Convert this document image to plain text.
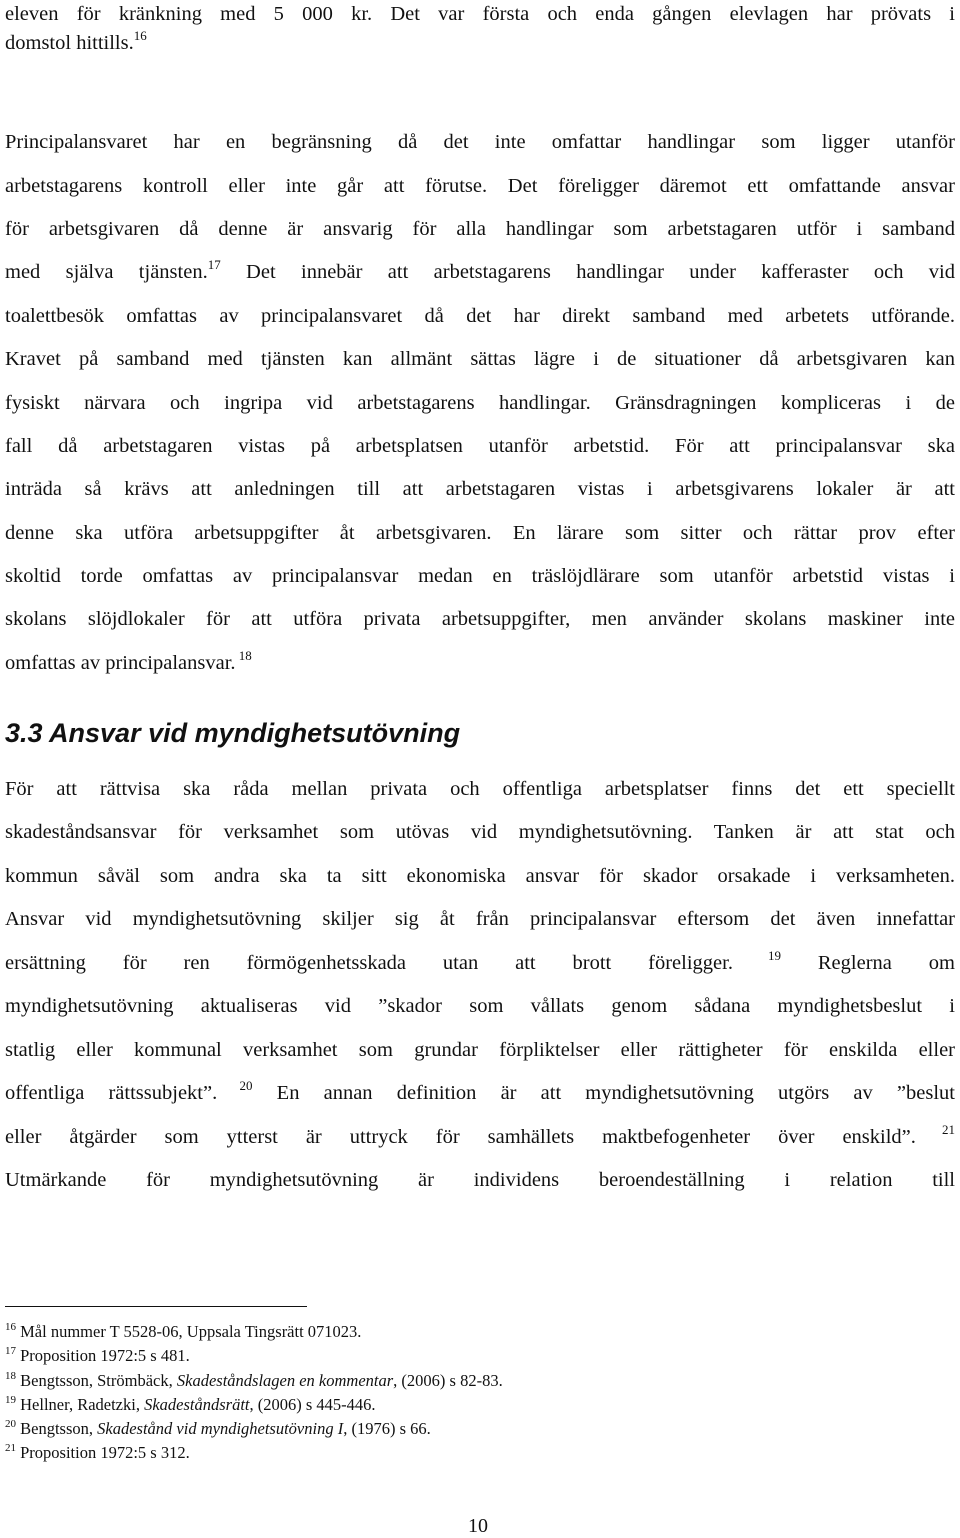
eleven för kränkning med 5 000 kr. Det var första och enda gången elevlagen har prövats i
domstol hittills.$^{16}$
Principalansvaret har en begränsning då det inte omfattar handlingar som ligger utanför
arbetstagarens kontroll eller inte går att förutse. Det föreligger däremot ett omfattande ansvar
för arbetsgivaren då denne är ansvarig för alla handlingar som arbetstagaren utför i samband
med själva tjänsten.$^{17}$ Det innebär att arbetstagarens handlingar under kafferaster och vid
toalettbesök omfattas av principalansvaret då det har direkt samband med arbetets utförande.
Kravet på samband med tjänsten kan allmänt sättas lägre i de situationer då arbetsgivaren kan
fysiskt närvara och ingripa vid arbetstagarens handlingar. Gränsdragningen kompliceras i de
fall då arbetstagaren vistas på arbetsplatsen utanför arbetstid. För att principalansvar ska
inträda så krävs att anledningen till att arbetstagaren vistas i arbetsgivarens lokaler är att
denne ska utföra arbetsuppgifter åt arbetsgivaren. En lärare som sitter och rättar prov efter
skoltid torde omfattas av principalansvar medan en träslöjdlärare som utanför arbetstid vistas i
skolans slöjdlokaler för att utföra privata arbetsuppgifter, men använder skolans maskiner inte
omfattas av principalansvar. $^{18}$
3.3 Ansvar vid myndighetsutövning
För att rättvisa ska råda mellan privata och offentliga arbetsplatser finns det ett speciellt
skadeståndsansvar för verksamhet som utövas vid myndighetsutövning. Tanken är att stat och
kommun såväl som andra ska ta sitt ekonomiska ansvar för skador orsakade i verksamheten.
Ansvar vid myndighetsutövning skiljer sig åt från principalansvar eftersom det även innefattar
ersättning för ren förmögenhetsskada utan att brott föreligger. $^{19}$ Reglerna om
myndighetsutövning aktualiseras vid ”skador som vållats genom sådana myndighetsbeslut i
statlig eller kommunal verksamhet som grundar förpliktelser eller rättigheter för enskilda eller
offentliga rättssubjekt”. $^{20}$ En annan definition är att myndighetsutövning utgörs av ”beslut
eller åtgärder som ytterst är uttryck för samhällets maktbefogenheter över enskild”. $^{21}$
Utmärkande för myndighetsutövning är individens beroendeställning i relation till
$^{16}$ Mål nummer T 5528-06, Uppsala Tingsrätt 071023.
$^{17}$ Proposition 1972:5 s 481.
$^{18}$ Bengtsson, Strömbäck, Skadeståndslagen en kommentar, (2006) s 82-83.
$^{19}$ Hellner, Radetzki, Skadeståndsrätt, (2006) s 445-446.
$^{20}$ Bengtsson, Skadestånd vid myndighetsutövning I, (1976) s 66.
$^{21}$ Proposition 1972:5 s 312.
10
